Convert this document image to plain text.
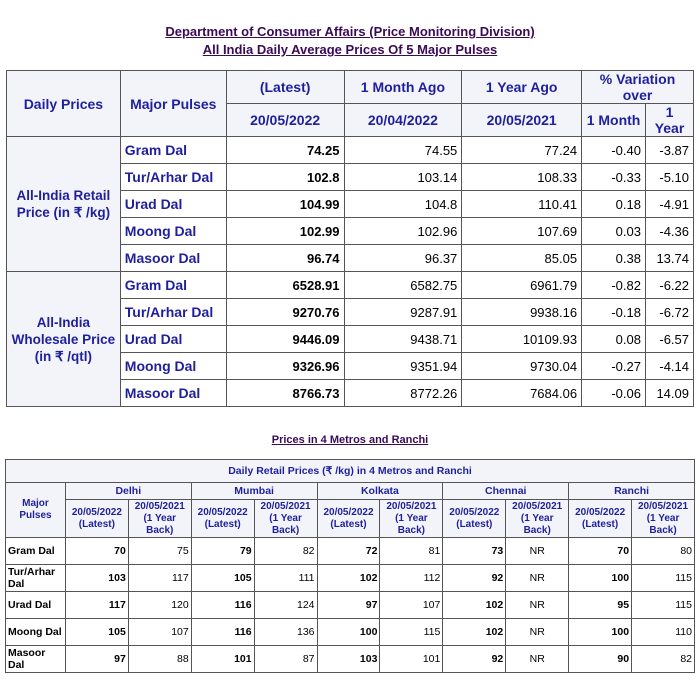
Department of Consumer Affairs (Price Monitoring Division)
All India Daily Average Prices Of 5 Major Pulses
Daily Prices	Major Pulses	(Latest)	1 Month Ago	1 Year Ago	% Variation over	
		20/05/2022	20/04/2022	20/05/2021	1 Month	1 Year
All-India Retail Price (in ₹ /kg)	Gram Dal	74.25	74.55	77.24	-0.40	-3.87
	Tur/Arhar Dal	102.8	103.14	108.33	-0.33	-5.10
	Urad Dal	104.99	104.8	110.41	0.18	-4.91
	Moong Dal	102.99	102.96	107.69	0.03	-4.36
	Masoor Dal	96.74	96.37	85.05	0.38	13.74
All-India Wholesale Price (in ₹ /qtl)	Gram Dal	6528.91	6582.75	6961.79	-0.82	-6.22
	Tur/Arhar Dal	9270.76	9287.91	9938.16	-0.18	-6.72
	Urad Dal	9446.09	9438.71	10109.93	0.08	-6.57
	Moong Dal	9326.96	9351.94	9730.04	-0.27	-4.14
	Masoor Dal	8766.73	8772.26	7684.06	-0.06	14.09
Prices in 4 Metros and Ranchi
Daily Retail Prices (₹ /kg) in 4 Metros and Ranchi										
Major Pulses	Delhi		Mumbai		Kolkata		Chennai		Ranchi	
	20/05/2022 (Latest)	20/05/2021 (1 Year Back)	20/05/2022 (Latest)	20/05/2021 (1 Year Back)	20/05/2022 (Latest)	20/05/2021 (1 Year Back)	20/05/2022 (Latest)	20/05/2021 (1 Year Back)	20/05/2022 (Latest)	20/05/2021 (1 Year Back)
Gram Dal	70	75	79	82	72	81	73	NR	70	80
Tur/Arhar Dal	103	117	105	111	102	112	92	NR	100	115
Urad Dal	117	120	116	124	97	107	102	NR	95	115
Moong Dal	105	107	116	136	100	115	102	NR	100	110
Masoor Dal	97	88	101	87	103	101	92	NR	90	82
